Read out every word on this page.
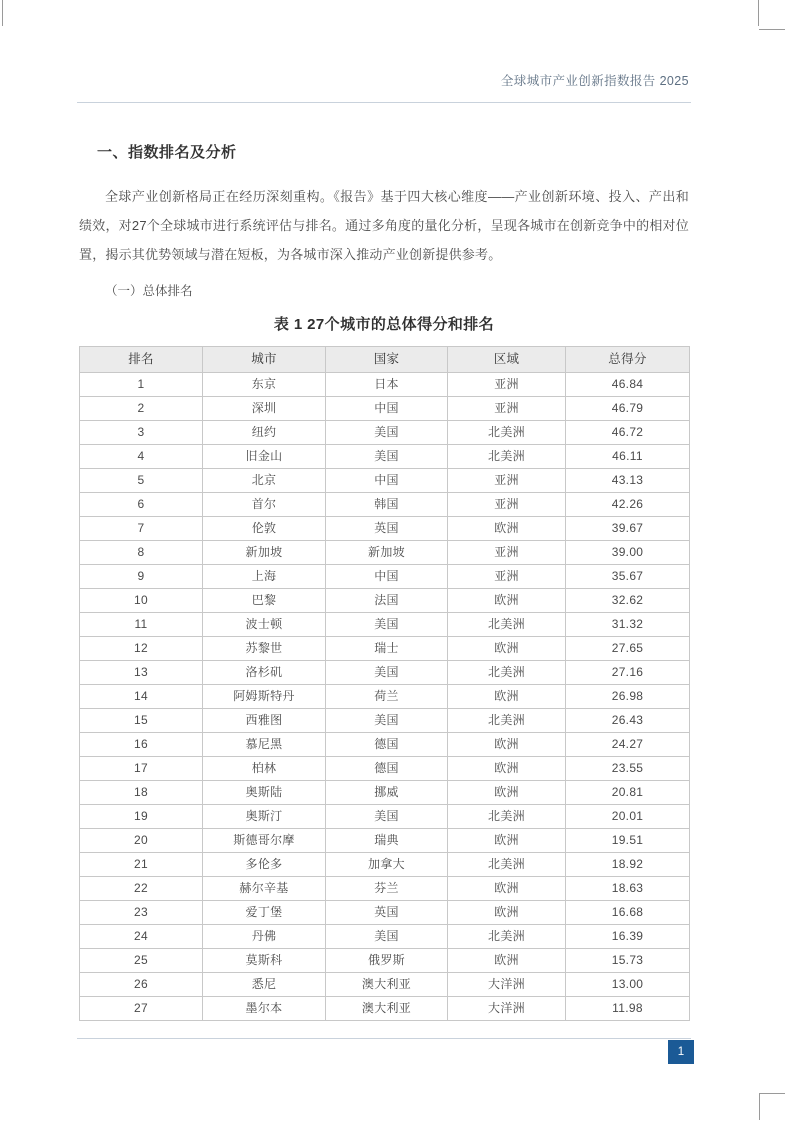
全球城市产业创新指数报告 2025
一、指数排名及分析

全球产业创新格局正在经历深刻重构。《报告》基于四大核心维度——产业创新环境、投入、产出和绩效，对27个全球城市进行系统评估与排名。通过多角度的量化分析，呈现各城市在创新竞争中的相对位置，揭示其优势领域与潜在短板，为各城市深入推动产业创新提供参考。

（一）总体排名
表 1 27个城市的总体得分和排名
排名	城市	国家	区域	总得分
1	东京	日本	亚洲	46.84
2	深圳	中国	亚洲	46.79
3	纽约	美国	北美洲	46.72
4	旧金山	美国	北美洲	46.11
5	北京	中国	亚洲	43.13
6	首尔	韩国	亚洲	42.26
7	伦敦	英国	欧洲	39.67
8	新加坡	新加坡	亚洲	39.00
9	上海	中国	亚洲	35.67
10	巴黎	法国	欧洲	32.62
11	波士顿	美国	北美洲	31.32
12	苏黎世	瑞士	欧洲	27.65
13	洛杉矶	美国	北美洲	27.16
14	阿姆斯特丹	荷兰	欧洲	26.98
15	西雅图	美国	北美洲	26.43
16	慕尼黑	德国	欧洲	24.27
17	柏林	德国	欧洲	23.55
18	奥斯陆	挪威	欧洲	20.81
19	奥斯汀	美国	北美洲	20.01
20	斯德哥尔摩	瑞典	欧洲	19.51
21	多伦多	加拿大	北美洲	18.92
22	赫尔辛基	芬兰	欧洲	18.63
23	爱丁堡	英国	欧洲	16.68
24	丹佛	美国	北美洲	16.39
25	莫斯科	俄罗斯	欧洲	15.73
26	悉尼	澳大利亚	大洋洲	13.00
27	墨尔本	澳大利亚	大洋洲	11.98
1
